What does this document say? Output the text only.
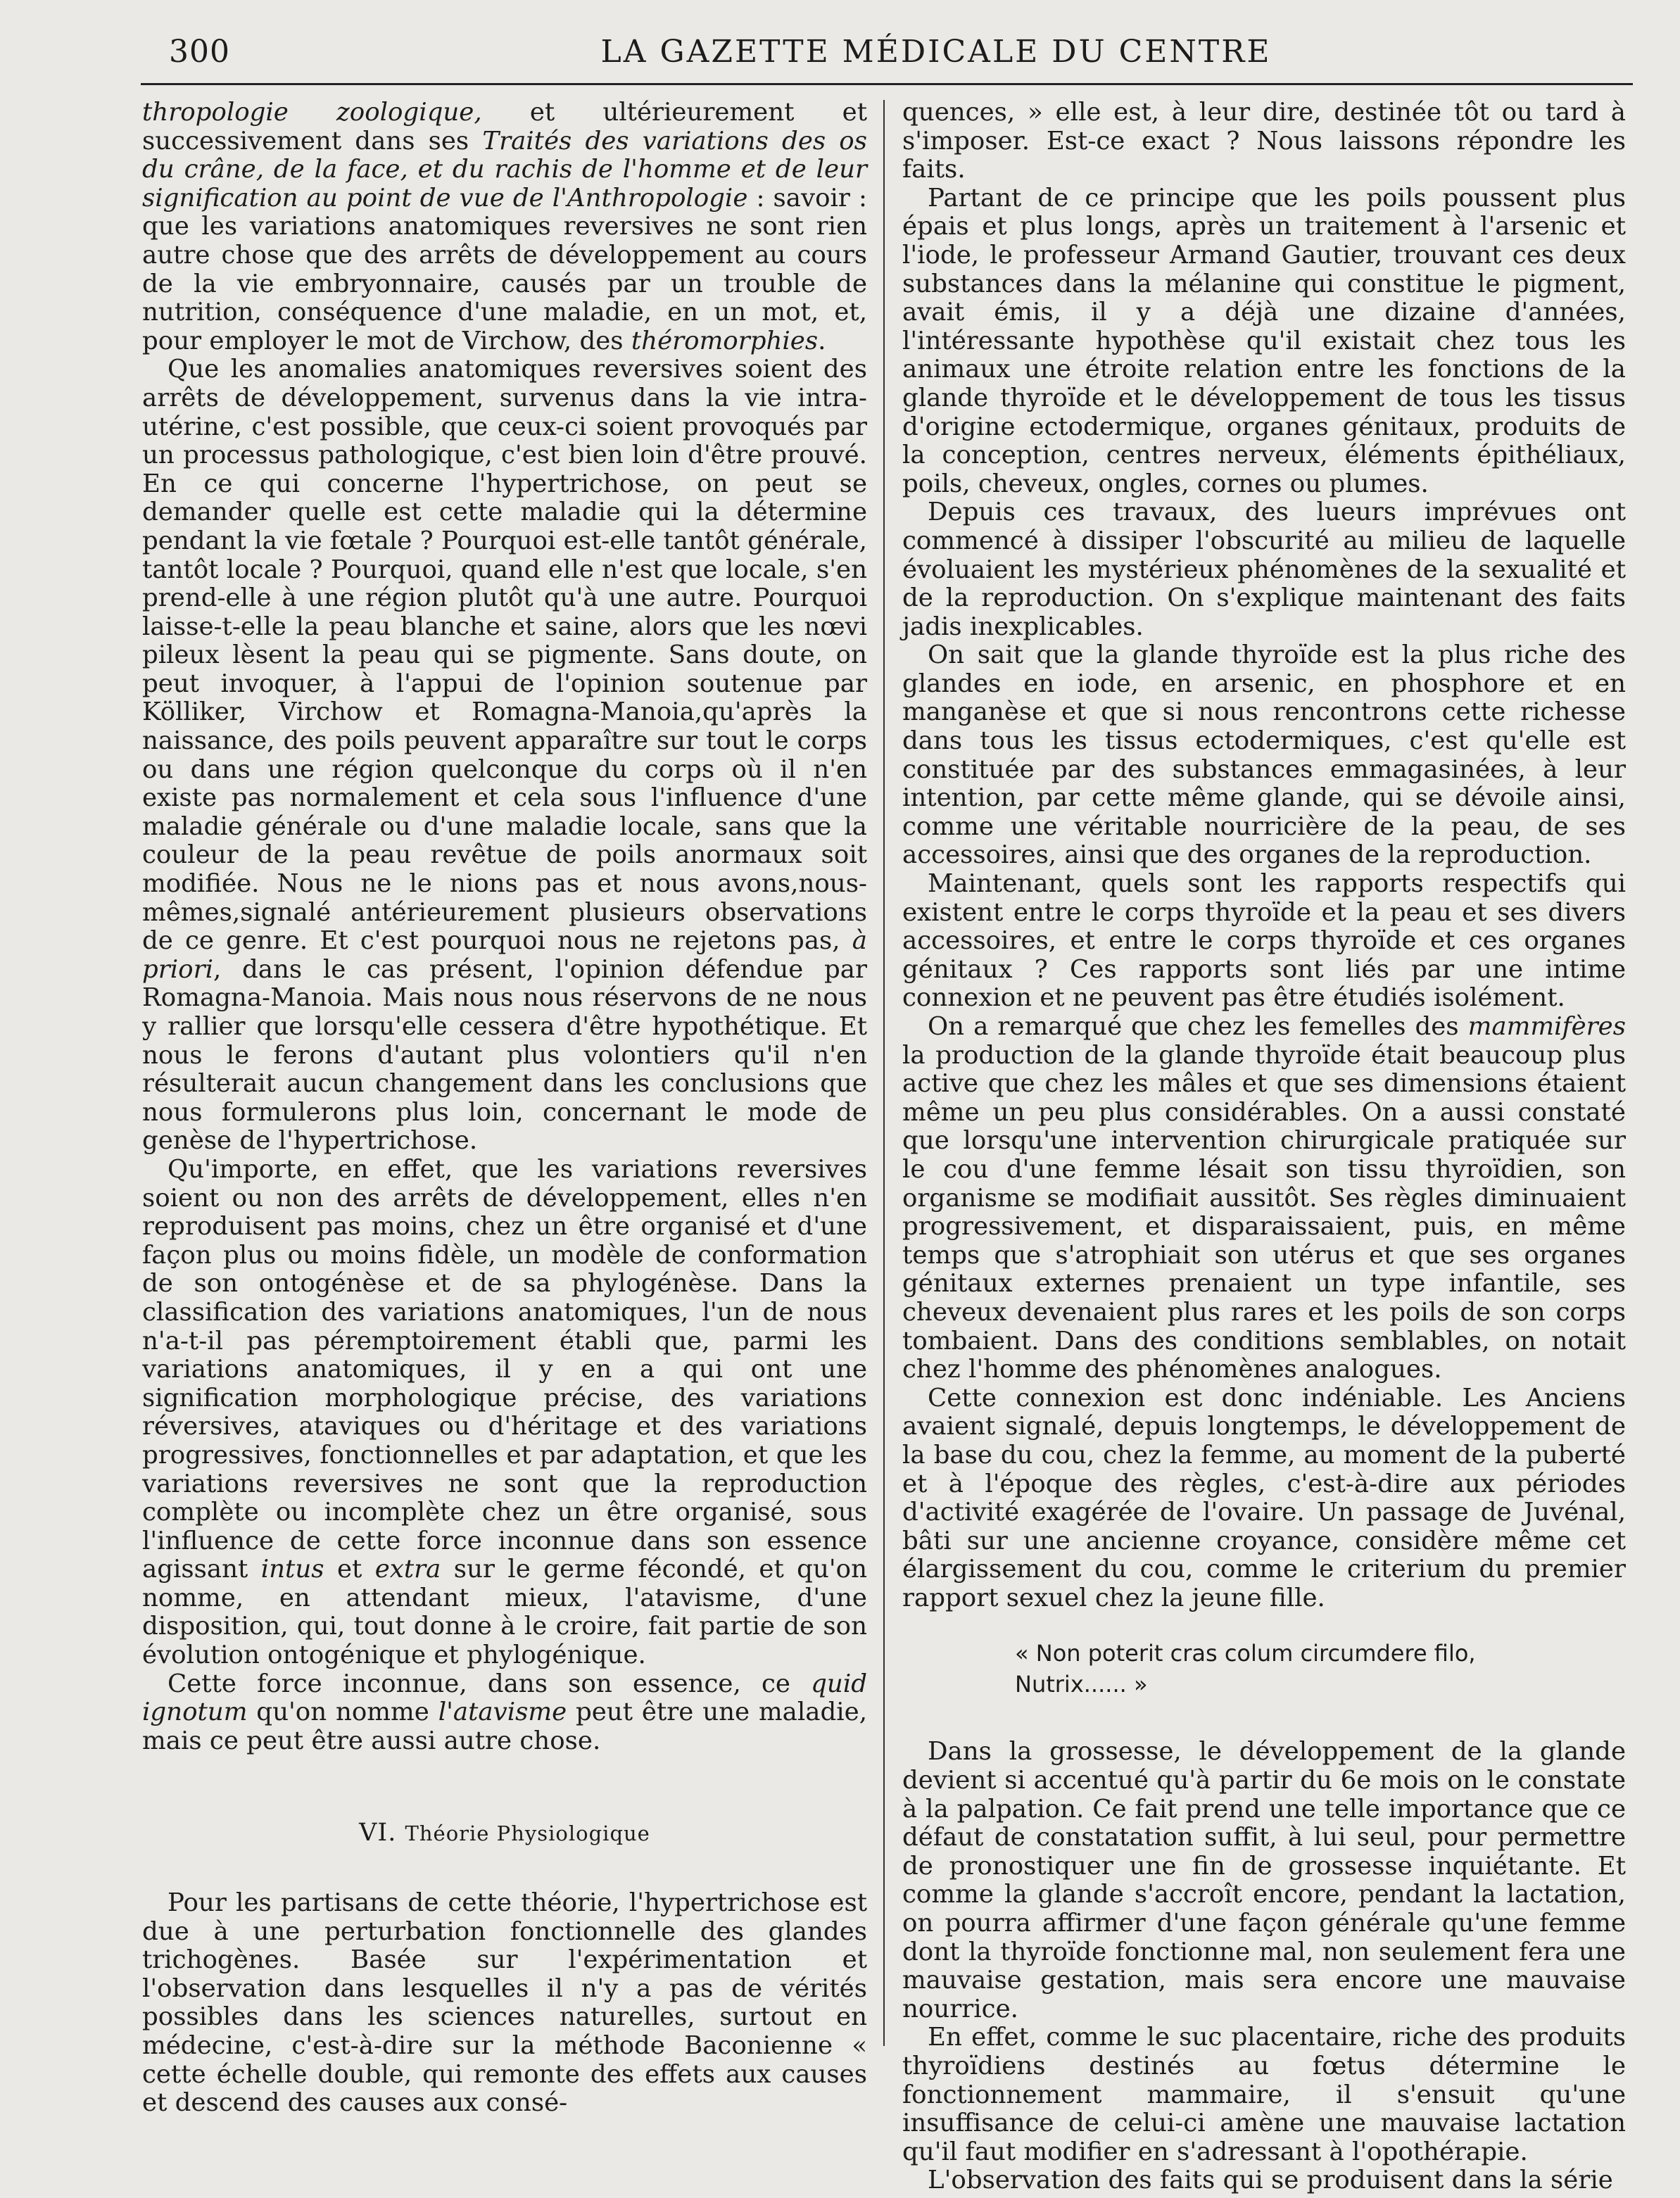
300	LA GAZETTE MÉDICALE DU CENTRE

thropologie zoologique, et ultérieurement et successivement dans ses Traités des variations des os du crâne, de la face, et du rachis de l'homme et de leur signification au point de vue de l'Anthropologie : savoir : que les variations anatomiques reversives ne sont rien autre chose que des arrêts de développement au cours de la vie embryonnaire, causés par un trouble de nutrition, conséquence d'une maladie, en un mot, et, pour employer le mot de Virchow, des théromorphies.

Que les anomalies anatomiques reversives soient des arrêts de développement, survenus dans la vie intra-utérine, c'est possible, que ceux-ci soient provoqués par un processus pathologique, c'est bien loin d'être prouvé. En ce qui concerne l'hypertrichose, on peut se demander quelle est cette maladie qui la détermine pendant la vie fœtale ? Pourquoi est-elle tantôt générale, tantôt locale ? Pourquoi, quand elle n'est que locale, s'en prend-elle à une région plutôt qu'à une autre. Pourquoi laisse-t-elle la peau blanche et saine, alors que les nœvi pileux lèsent la peau qui se pigmente. Sans doute, on peut invoquer, à l'appui de l'opinion soutenue par Kölliker, Virchow et Romagna-Manoia,qu'après la naissance, des poils peuvent apparaître sur tout le corps ou dans une région quelconque du corps où il n'en existe pas normalement et cela sous l'influence d'une maladie générale ou d'une maladie locale, sans que la couleur de la peau revêtue de poils anormaux soit modifiée. Nous ne le nions pas et nous avons,nous-mêmes,signalé antérieurement plusieurs observations de ce genre. Et c'est pourquoi nous ne rejetons pas, à priori, dans le cas présent, l'opinion défendue par Romagna-Manoia. Mais nous nous réservons de ne nous y rallier que lorsqu'elle cessera d'être hypothétique. Et nous le ferons d'autant plus volontiers qu'il n'en résulterait aucun changement dans les conclusions que nous formulerons plus loin, concernant le mode de genèse de l'hypertrichose.

Qu'importe, en effet, que les variations reversives soient ou non des arrêts de développement, elles n'en reproduisent pas moins, chez un être organisé et d'une façon plus ou moins fidèle, un modèle de conformation de son ontogénèse et de sa phylogénèse. Dans la classification des variations anatomiques, l'un de nous n'a-t-il pas péremptoirement établi que, parmi les variations anatomiques, il y en a qui ont une signification morphologique précise, des variations réversives, ataviques ou d'héritage et des variations progressives, fonctionnelles et par adaptation, et que les variations reversives ne sont que la reproduction complète ou incomplète chez un être organisé, sous l'influence de cette force inconnue dans son essence agissant intus et extra sur le germe fécondé, et qu'on nomme, en attendant mieux, l'atavisme, d'une disposition, qui, tout donne à le croire, fait partie de son évolution ontogénique et phylogénique.

Cette force inconnue, dans son essence, ce quid ignotum qu'on nomme l'atavisme peut être une maladie, mais ce peut être aussi autre chose.

VI. Théorie Physiologique

Pour les partisans de cette théorie, l'hypertrichose est due à une perturbation fonctionnelle des glandes trichogènes. Basée sur l'expérimentation et l'observation dans lesquelles il n'y a pas de vérités possibles dans les sciences naturelles, surtout en médecine, c'est-à-dire sur la méthode Baconienne « cette échelle double, qui remonte des effets aux causes et descend des causes aux consé-

quences, » elle est, à leur dire, destinée tôt ou tard à s'imposer. Est-ce exact ? Nous laissons répondre les faits.

Partant de ce principe que les poils poussent plus épais et plus longs, après un traitement à l'arsenic et l'iode, le professeur Armand Gautier, trouvant ces deux substances dans la mélanine qui constitue le pigment, avait émis, il y a déjà une dizaine d'années, l'intéressante hypothèse qu'il existait chez tous les animaux une étroite relation entre les fonctions de la glande thyroïde et le développement de tous les tissus d'origine ectodermique, organes génitaux, produits de la conception, centres nerveux, éléments épithéliaux, poils, cheveux, ongles, cornes ou plumes.

Depuis ces travaux, des lueurs imprévues ont commencé à dissiper l'obscurité au milieu de laquelle évoluaient les mystérieux phénomènes de la sexualité et de la reproduction. On s'explique maintenant des faits jadis inexplicables.

On sait que la glande thyroïde est la plus riche des glandes en iode, en arsenic, en phosphore et en manganèse et que si nous rencontrons cette richesse dans tous les tissus ectodermiques, c'est qu'elle est constituée par des substances emmagasinées, à leur intention, par cette même glande, qui se dévoile ainsi, comme une véritable nourricière de la peau, de ses accessoires, ainsi que des organes de la reproduction.

Maintenant, quels sont les rapports respectifs qui existent entre le corps thyroïde et la peau et ses divers accessoires, et entre le corps thyroïde et ces organes génitaux ? Ces rapports sont liés par une intime connexion et ne peuvent pas être étudiés isolément.

On a remarqué que chez les femelles des mammifères la production de la glande thyroïde était beaucoup plus active que chez les mâles et que ses dimensions étaient même un peu plus considérables. On a aussi constaté que lorsqu'une intervention chirurgicale pratiquée sur le cou d'une femme lésait son tissu thyroïdien, son organisme se modifiait aussitôt. Ses règles diminuaient progressivement, et disparaissaient, puis, en même temps que s'atrophiait son utérus et que ses organes génitaux externes prenaient un type infantile, ses cheveux devenaient plus rares et les poils de son corps tombaient. Dans des conditions semblables, on notait chez l'homme des phénomènes analogues.

Cette connexion est donc indéniable. Les Anciens avaient signalé, depuis longtemps, le développement de la base du cou, chez la femme, au moment de la puberté et à l'époque des règles, c'est-à-dire aux périodes d'activité exagérée de l'ovaire. Un passage de Juvénal, bâti sur une ancienne croyance, considère même cet élargissement du cou, comme le criterium du premier rapport sexuel chez la jeune fille.

« Non poterit cras colum circumdere filo,
Nutrix...... »

Dans la grossesse, le développement de la glande devient si accentué qu'à partir du 6e mois on le constate à la palpation. Ce fait prend une telle importance que ce défaut de constatation suffit, à lui seul, pour permettre de pronostiquer une fin de grossesse inquiétante. Et comme la glande s'accroît encore, pendant la lactation, on pourra affirmer d'une façon générale qu'une femme dont la thyroïde fonctionne mal, non seulement fera une mauvaise gestation, mais sera encore une mauvaise nourrice.

En effet, comme le suc placentaire, riche des produits thyroïdiens destinés au fœtus détermine le fonctionnement mammaire, il s'ensuit qu'une insuffisance de celui-ci amène une mauvaise lactation qu'il faut modifier en s'adressant à l'opothérapie.

L'observation des faits qui se produisent dans la série
